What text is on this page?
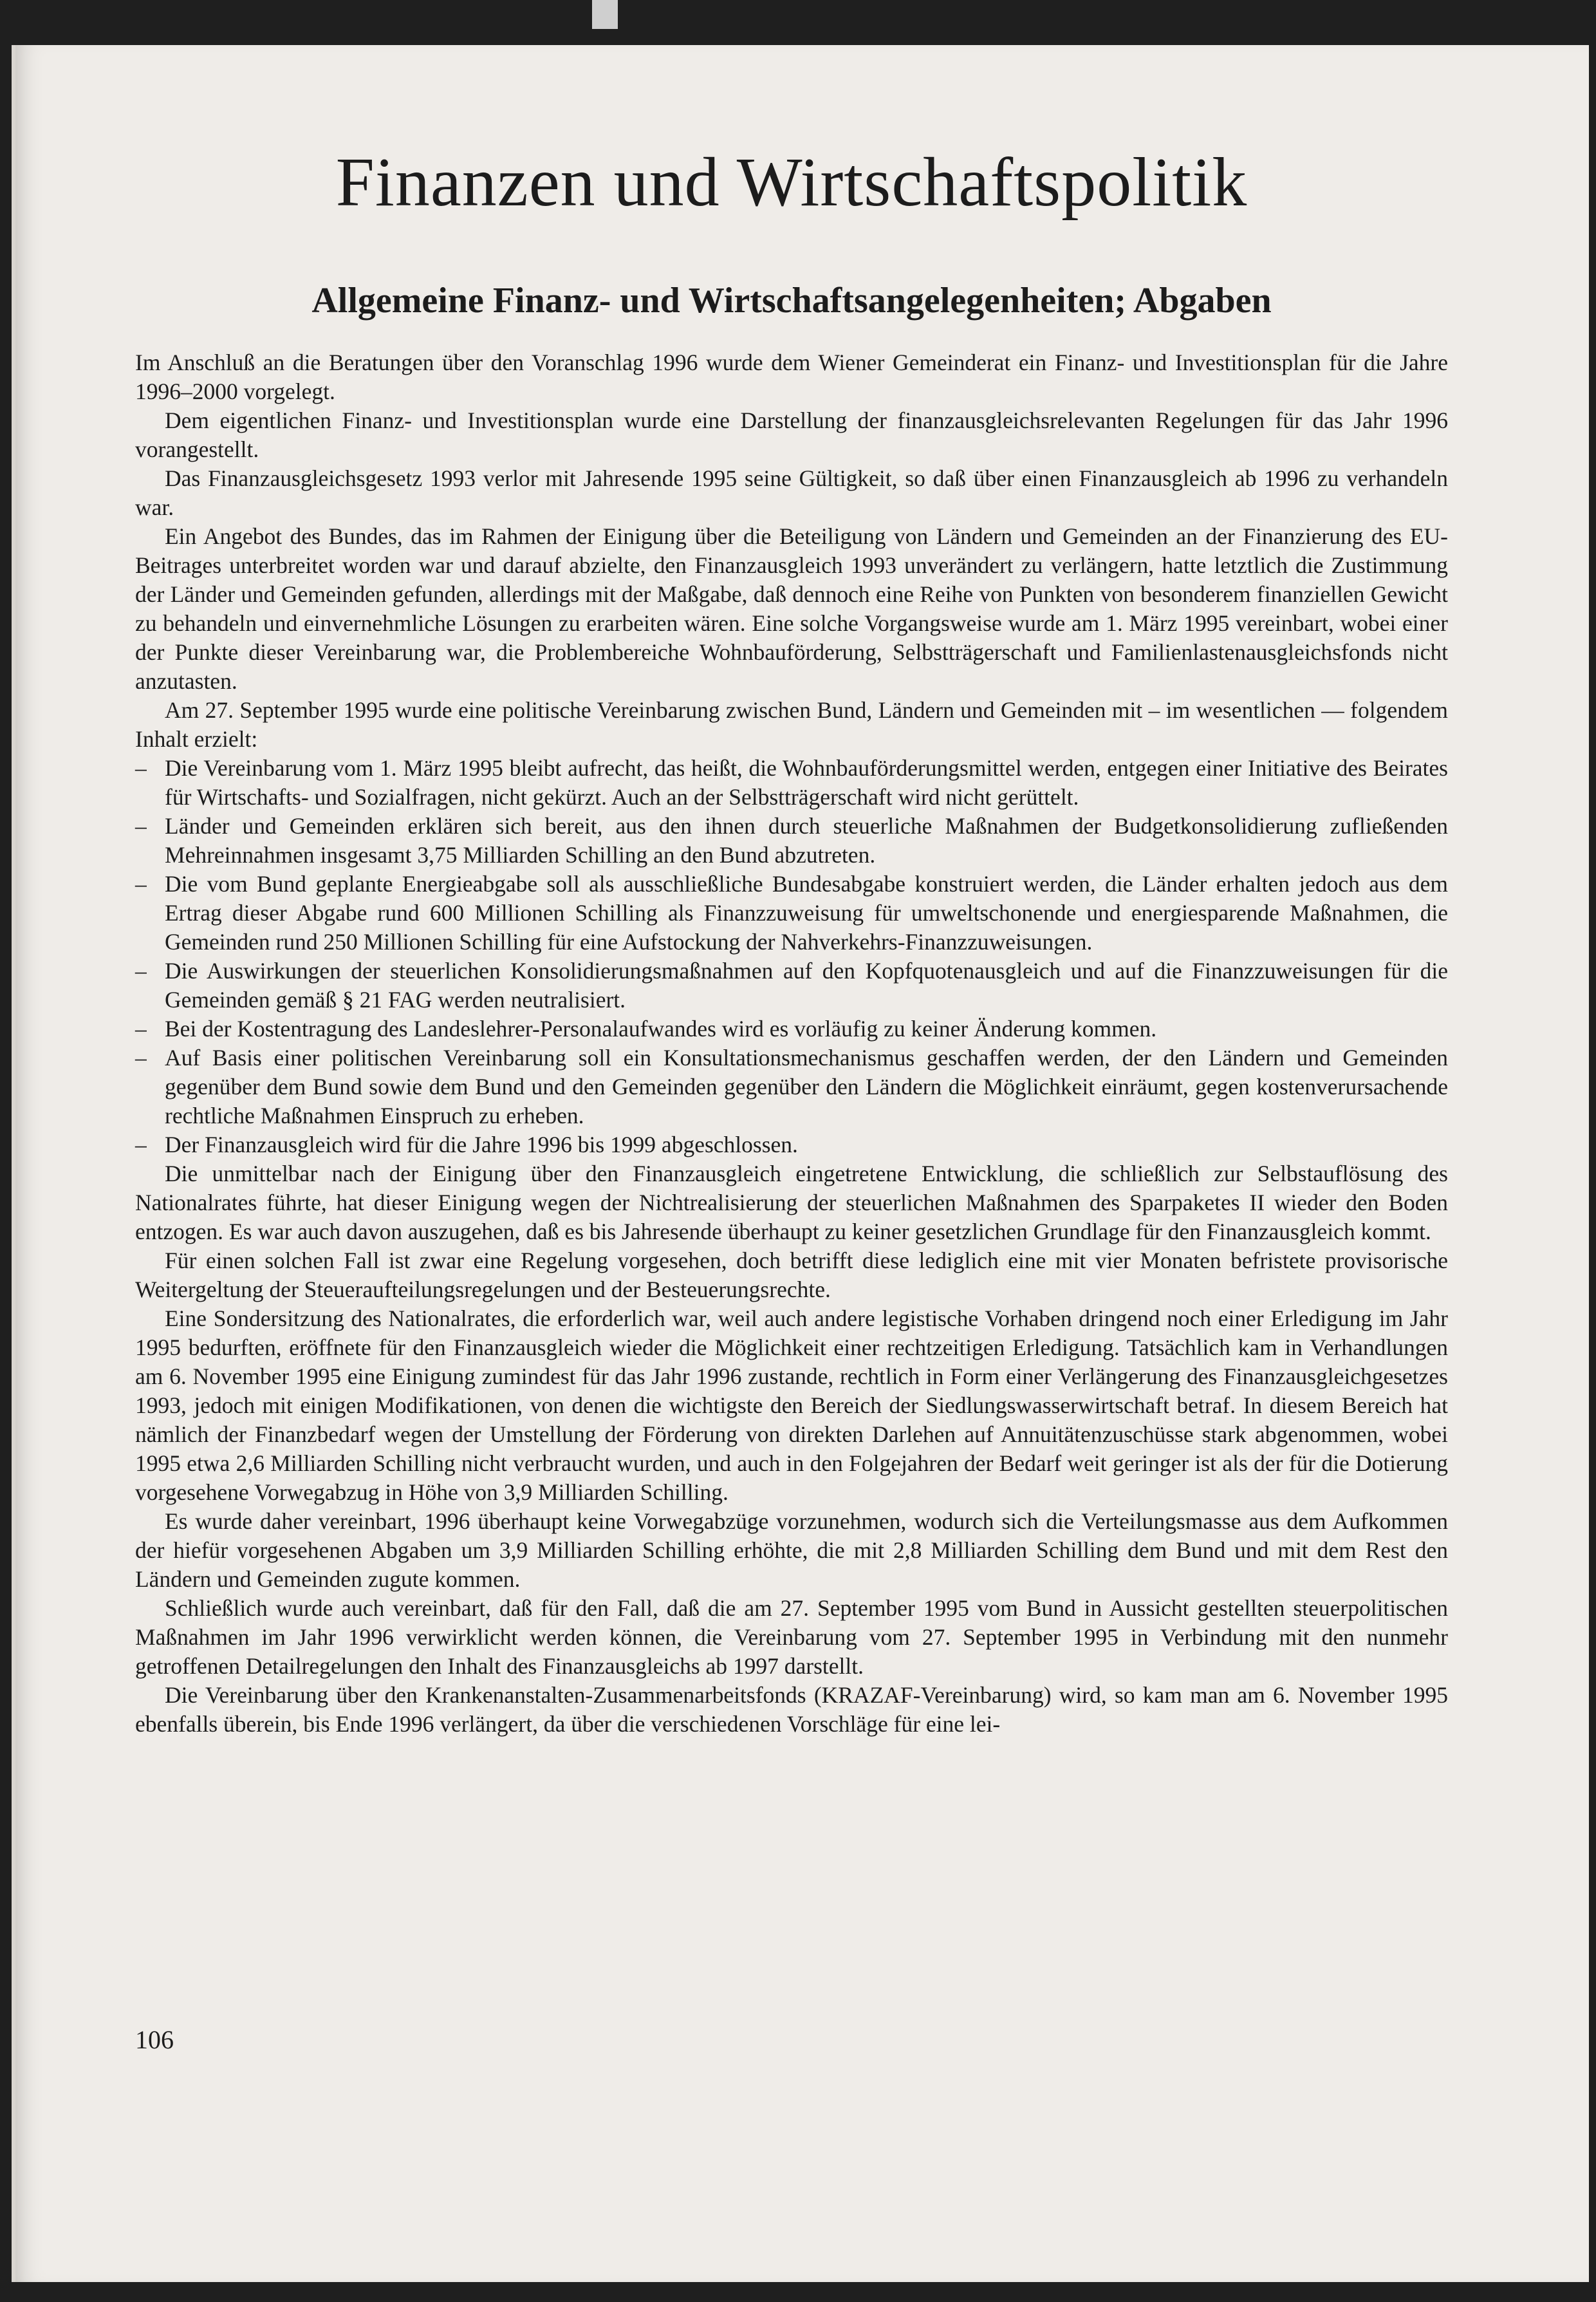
Finanzen und Wirtschaftspolitik
Allgemeine Finanz- und Wirtschaftsangelegenheiten; Abgaben

Im Anschluß an die Beratungen über den Voranschlag 1996 wurde dem Wiener Gemeinderat ein Finanz- und Investitionsplan für die Jahre 1996–2000 vorgelegt.

Dem eigentlichen Finanz- und Investitionsplan wurde eine Darstellung der finanzausgleichsrelevanten Regelungen für das Jahr 1996 vorangestellt.

Das Finanzausgleichsgesetz 1993 verlor mit Jahresende 1995 seine Gültigkeit, so daß über einen Finanzausgleich ab 1996 zu verhandeln war.

Ein Angebot des Bundes, das im Rahmen der Einigung über die Beteiligung von Ländern und Gemeinden an der Finanzierung des EU-Beitrages unterbreitet worden war und darauf abzielte, den Finanzausgleich 1993 unverändert zu verlängern, hatte letztlich die Zustimmung der Länder und Gemeinden gefunden, allerdings mit der Maßgabe, daß dennoch eine Reihe von Punkten von besonderem finanziellen Gewicht zu behandeln und einvernehmliche Lösungen zu erarbeiten wären. Eine solche Vorgangsweise wurde am 1. März 1995 vereinbart, wobei einer der Punkte dieser Vereinbarung war, die Problembereiche Wohnbauförderung, Selbstträgerschaft und Familienlastenausgleichsfonds nicht anzutasten.

Am 27. September 1995 wurde eine politische Vereinbarung zwischen Bund, Ländern und Gemeinden mit – im wesentlichen — folgendem Inhalt erzielt:

– Die Vereinbarung vom 1. März 1995 bleibt aufrecht, das heißt, die Wohnbauförderungsmittel werden, entgegen einer Initiative des Beirates für Wirtschafts- und Sozialfragen, nicht gekürzt. Auch an der Selbstträgerschaft wird nicht gerüttelt.
– Länder und Gemeinden erklären sich bereit, aus den ihnen durch steuerliche Maßnahmen der Budgetkonsolidierung zufließenden Mehreinnahmen insgesamt 3,75 Milliarden Schilling an den Bund abzutreten.
– Die vom Bund geplante Energieabgabe soll als ausschließliche Bundesabgabe konstruiert werden, die Länder erhalten jedoch aus dem Ertrag dieser Abgabe rund 600 Millionen Schilling als Finanzzuweisung für umweltschonende und energiesparende Maßnahmen, die Gemeinden rund 250 Millionen Schilling für eine Aufstockung der Nahverkehrs-Finanzzuweisungen.
– Die Auswirkungen der steuerlichen Konsolidierungsmaßnahmen auf den Kopfquotenausgleich und auf die Finanzzuweisungen für die Gemeinden gemäß § 21 FAG werden neutralisiert.
– Bei der Kostentragung des Landeslehrer-Personalaufwandes wird es vorläufig zu keiner Änderung kommen.
– Auf Basis einer politischen Vereinbarung soll ein Konsultationsmechanismus geschaffen werden, der den Ländern und Gemeinden gegenüber dem Bund sowie dem Bund und den Gemeinden gegenüber den Ländern die Möglichkeit einräumt, gegen kostenverursachende rechtliche Maßnahmen Einspruch zu erheben.
– Der Finanzausgleich wird für die Jahre 1996 bis 1999 abgeschlossen.

Die unmittelbar nach der Einigung über den Finanzausgleich eingetretene Entwicklung, die schließlich zur Selbstauflösung des Nationalrates führte, hat dieser Einigung wegen der Nichtrealisierung der steuerlichen Maßnahmen des Sparpaketes II wieder den Boden entzogen. Es war auch davon auszugehen, daß es bis Jahresende überhaupt zu keiner gesetzlichen Grundlage für den Finanzausgleich kommt.

Für einen solchen Fall ist zwar eine Regelung vorgesehen, doch betrifft diese lediglich eine mit vier Monaten befristete provisorische Weitergeltung der Steueraufteilungsregelungen und der Besteuerungsrechte.

Eine Sondersitzung des Nationalrates, die erforderlich war, weil auch andere legistische Vorhaben dringend noch einer Erledigung im Jahr 1995 bedurften, eröffnete für den Finanzausgleich wieder die Möglichkeit einer rechtzeitigen Erledigung. Tatsächlich kam in Verhandlungen am 6. November 1995 eine Einigung zumindest für das Jahr 1996 zustande, rechtlich in Form einer Verlängerung des Finanzausgleichgesetzes 1993, jedoch mit einigen Modifikationen, von denen die wichtigste den Bereich der Siedlungswasserwirtschaft betraf. In diesem Bereich hat nämlich der Finanzbedarf wegen der Umstellung der Förderung von direkten Darlehen auf Annuitätenzuschüsse stark abgenommen, wobei 1995 etwa 2,6 Milliarden Schilling nicht verbraucht wurden, und auch in den Folgejahren der Bedarf weit geringer ist als der für die Dotierung vorgesehene Vorwegabzug in Höhe von 3,9 Milliarden Schilling.

Es wurde daher vereinbart, 1996 überhaupt keine Vorwegabzüge vorzunehmen, wodurch sich die Verteilungsmasse aus dem Aufkommen der hiefür vorgesehenen Abgaben um 3,9 Milliarden Schilling erhöhte, die mit 2,8 Milliarden Schilling dem Bund und mit dem Rest den Ländern und Gemeinden zugute kommen.

Schließlich wurde auch vereinbart, daß für den Fall, daß die am 27. September 1995 vom Bund in Aussicht gestellten steuerpolitischen Maßnahmen im Jahr 1996 verwirklicht werden können, die Vereinbarung vom 27. September 1995 in Verbindung mit den nunmehr getroffenen Detailregelungen den Inhalt des Finanzausgleichs ab 1997 darstellt.

Die Vereinbarung über den Krankenanstalten-Zusammenarbeitsfonds (KRAZAF-Vereinbarung) wird, so kam man am 6. November 1995 ebenfalls überein, bis Ende 1996 verlängert, da über die verschiedenen Vorschläge für eine lei-

106
